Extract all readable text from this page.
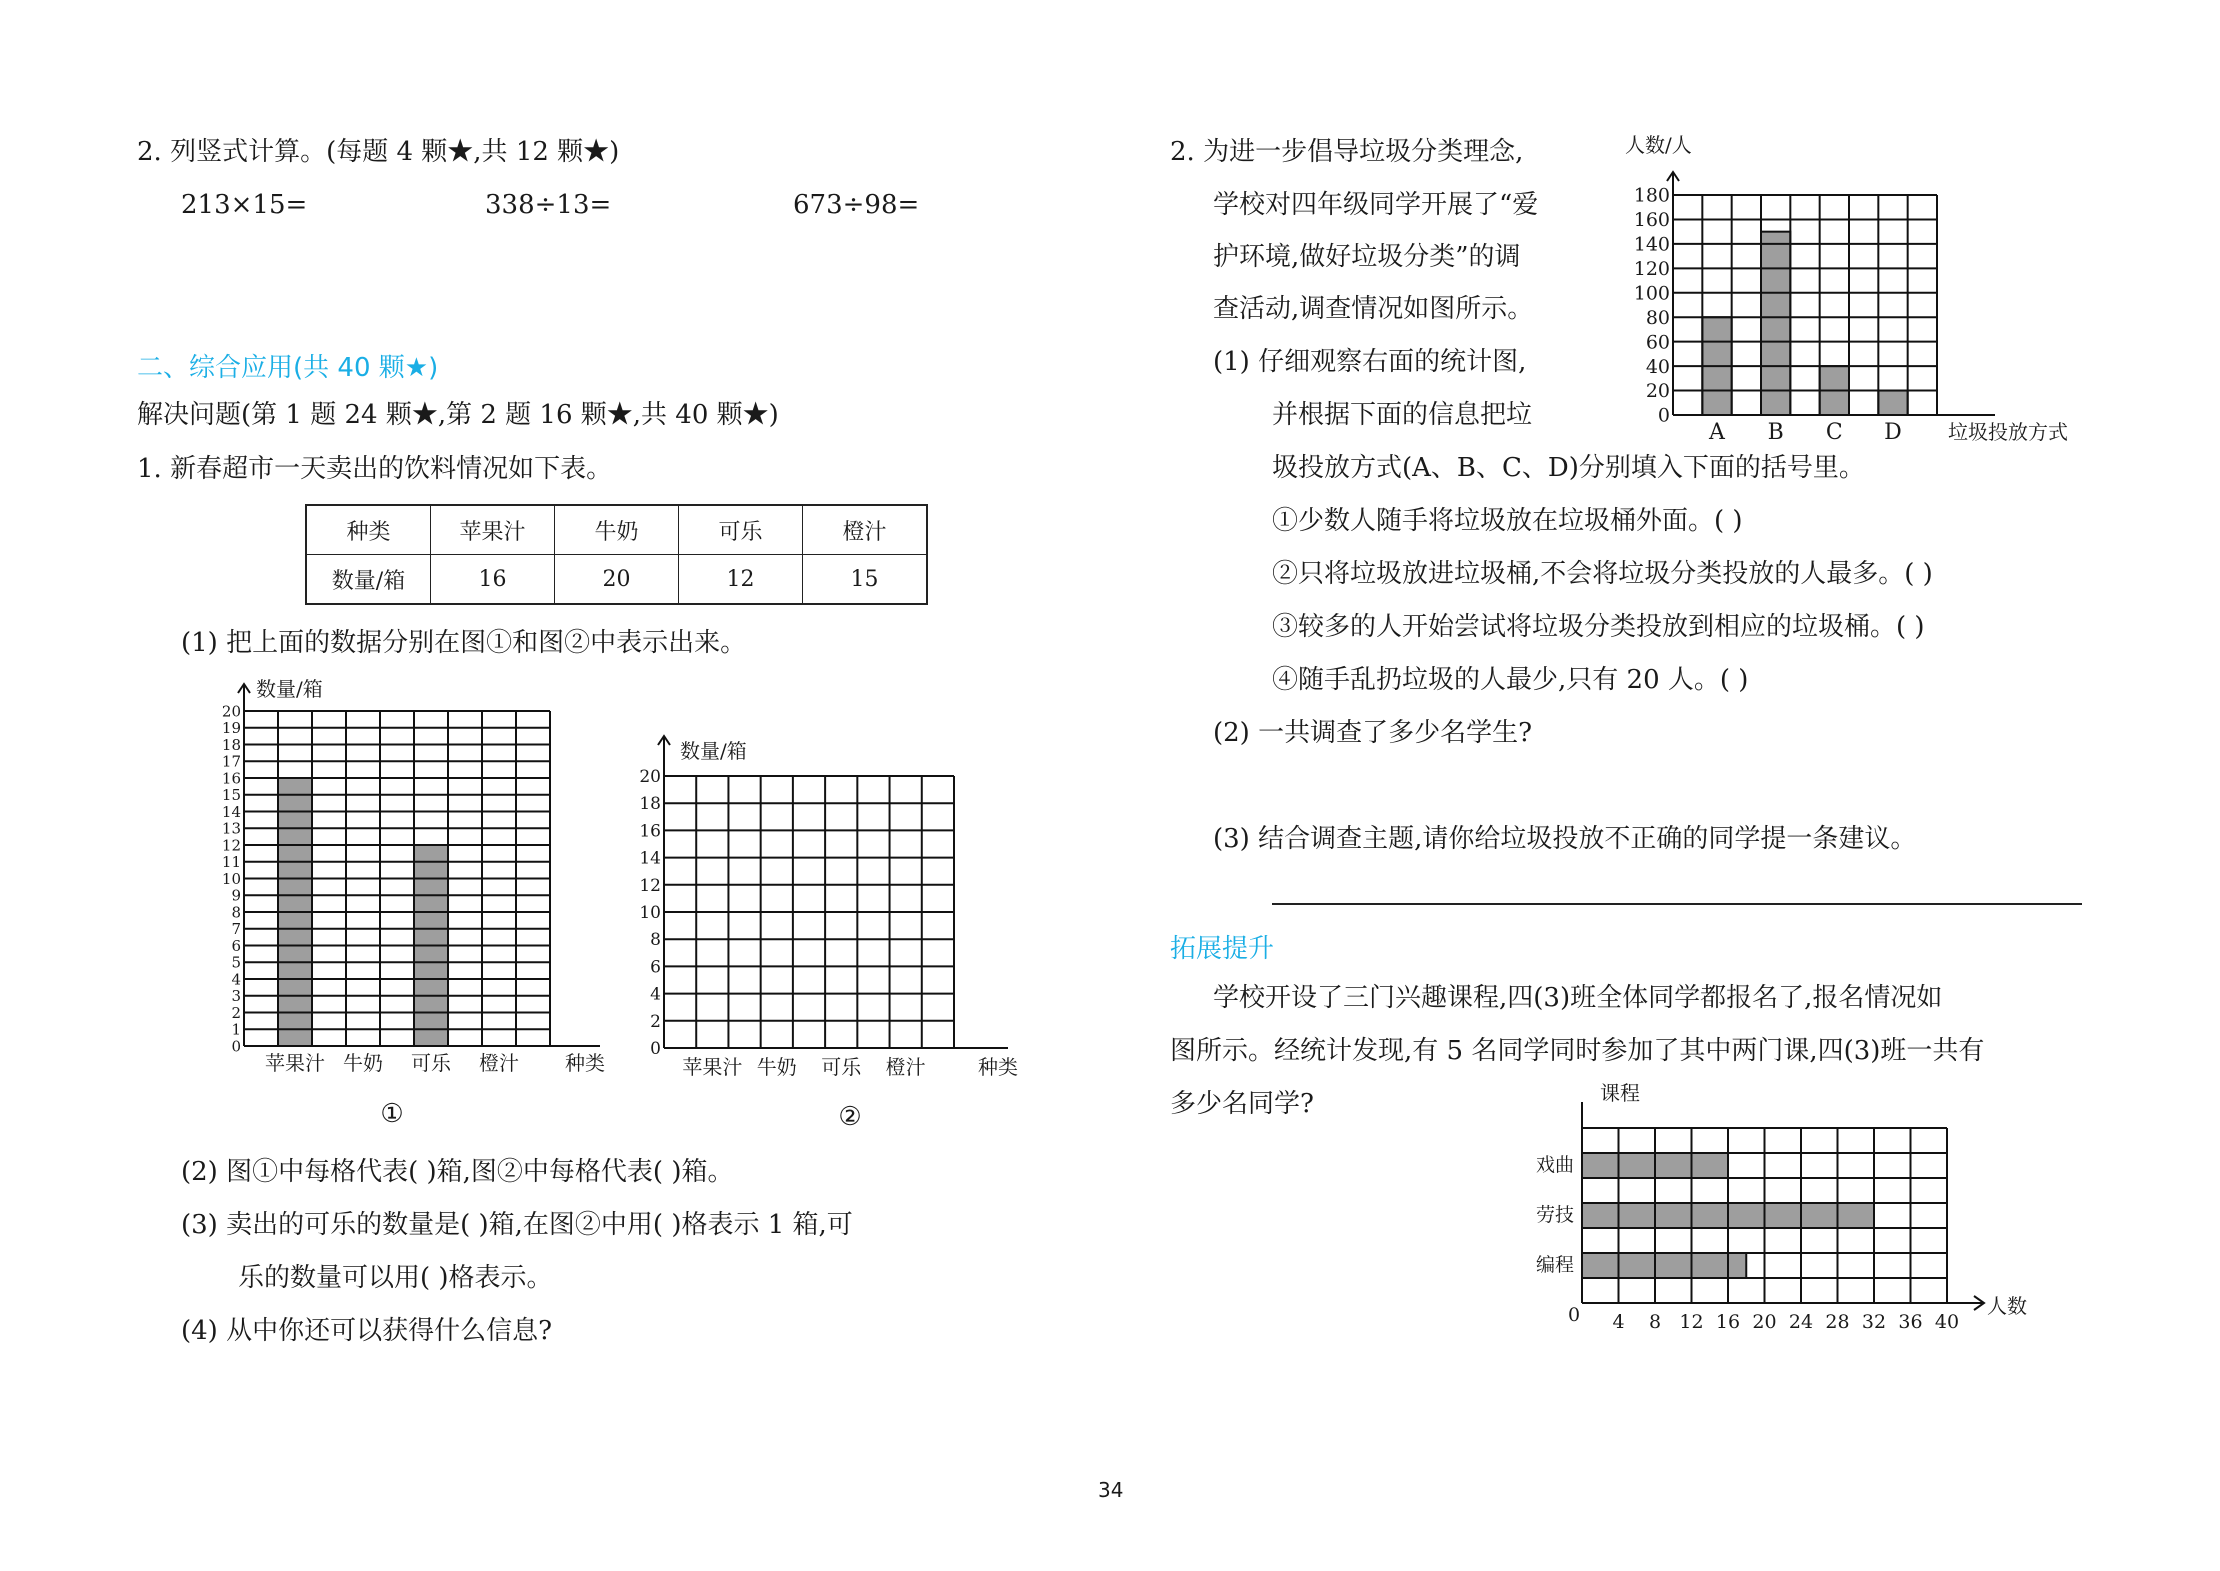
2. 列竖式计算。(每题 4 颗★,共 12 颗★)
213×15=	338÷13=	673÷98=
二、综合应用(共 40 颗★)
解决问题(第 1 题 24 颗★,第 2 题 16 颗★,共 40 颗★)
1. 新春超市一天卖出的饮料情况如下表。
种类	苹果汁	牛奶	可乐	橙汁
数量/箱	16	20	12	15
(1) 把上面的数据分别在图①和图②中表示出来。
0
1
2
3
4
5
6
7
8
9
10
11
12
13
14
15
16
17
18
19
20
苹果汁 牛奶 可乐 橙汁
数量/箱
种类
①
0
2
4
6
8
10
12
14
16
18
20
苹果汁 牛奶 可乐 橙汁
数量/箱
种类
②
(2) 图①中每格代表( )箱,图②中每格代表( )箱。
(3) 卖出的可乐的数量是( )箱,在图②中用( )格表示 1 箱,可
乐的数量可以用( )格表示。
(4) 从中你还可以获得什么信息?
2. 为进一步倡导垃圾分类理念,
学校对四年级同学开展了“爱
护环境,做好垃圾分类”的调
查活动,调查情况如图所示。
(1) 仔细观察右面的统计图,
并根据下面的信息把垃
圾投放方式(A、B、C、D)分别填入下面的括号里。
0
20
40
60
80
100
120
140
160
180
A B C D
人数/人
垃圾投放方式
①少数人随手将垃圾放在垃圾桶外面。( )
②只将垃圾放进垃圾桶,不会将垃圾分类投放的人最多。( )
③较多的人开始尝试将垃圾分类投放到相应的垃圾桶。( )
④随手乱扔垃圾的人最少,只有 20 人。( )
(2) 一共调查了多少名学生?
(3) 结合调查主题,请你给垃圾投放不正确的同学提一条建议。
拓展提升
学校开设了三门兴趣课程,四(3)班全体同学都报名了,报名情况如
图所示。经统计发现,有 5 名同学同时参加了其中两门课,四(3)班一共有
多少名同学?
戏曲
劳技
编程
0 4 8 12 16 20 24 28 32 36 40
课程
人数
34
